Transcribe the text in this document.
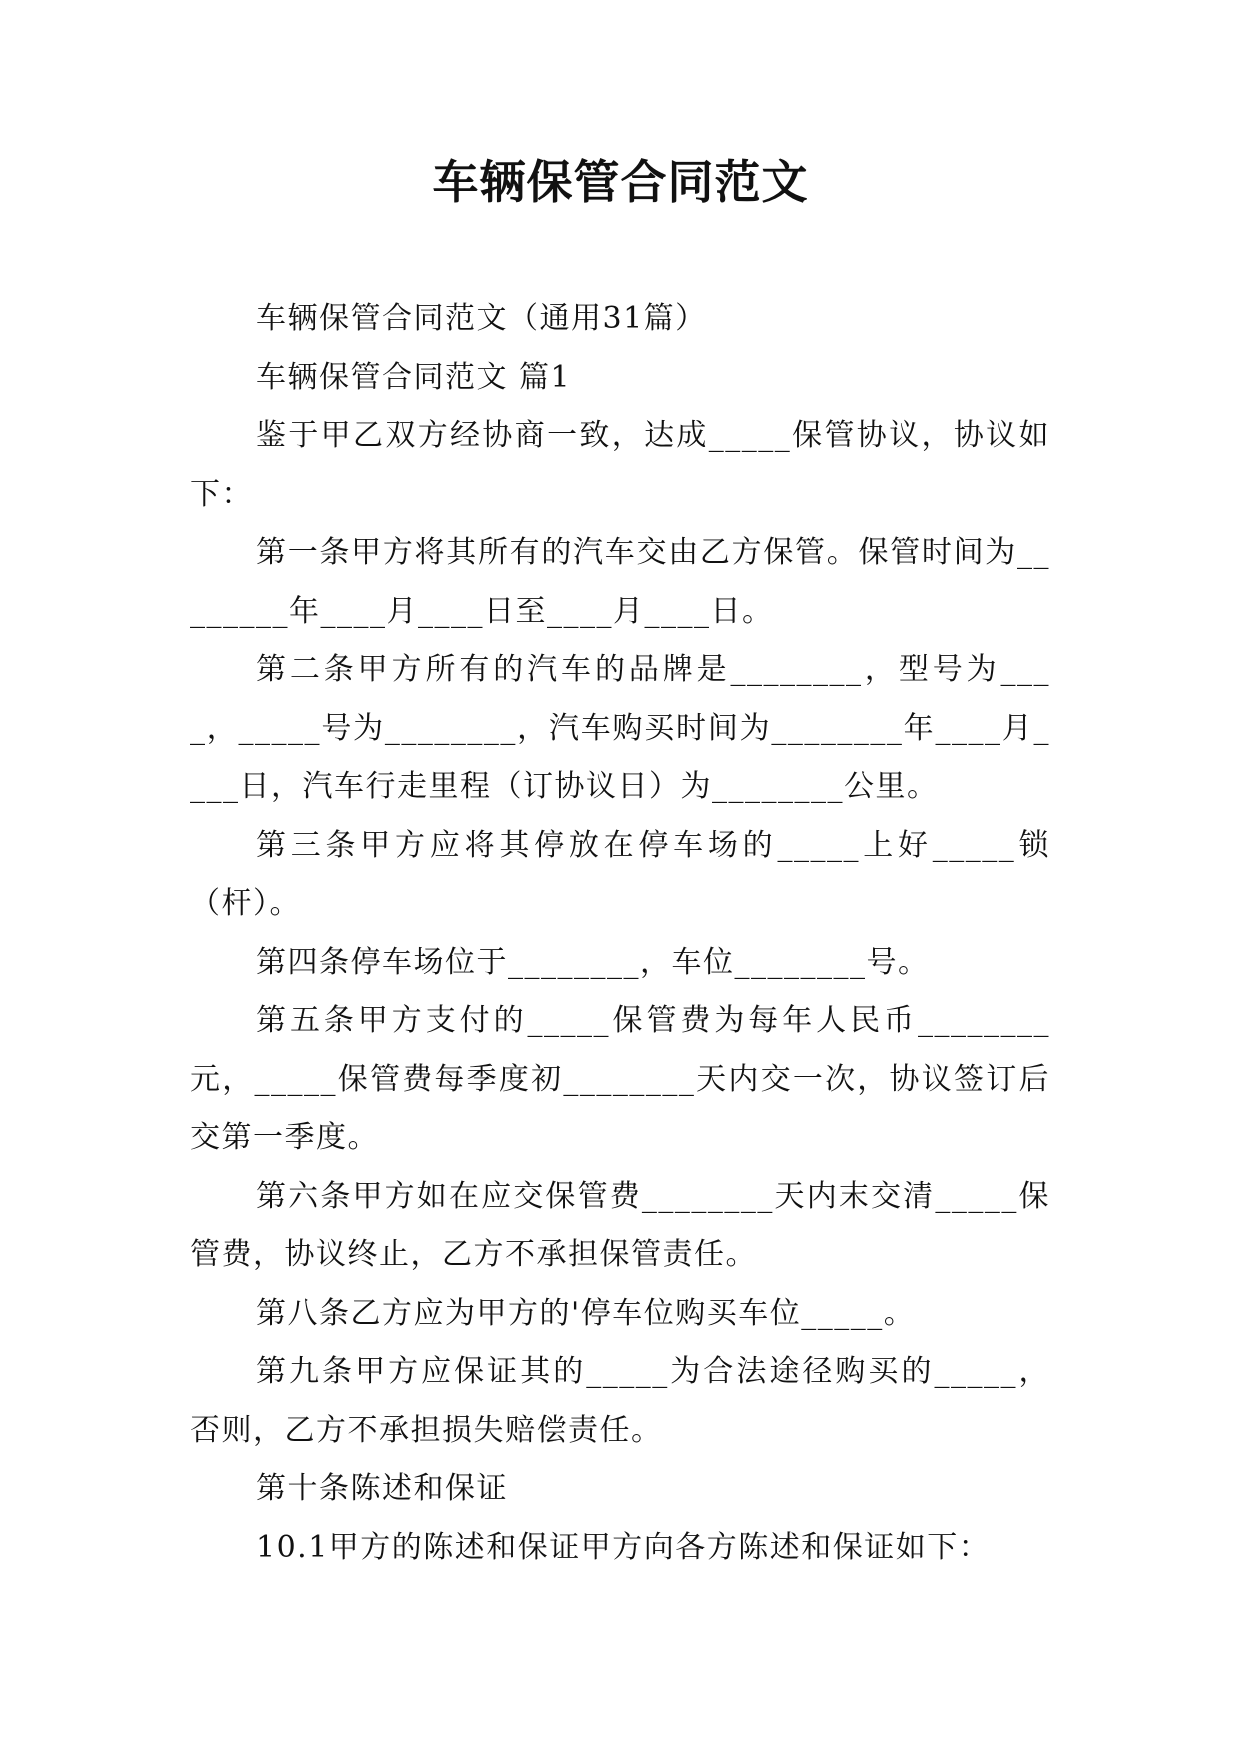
车辆保管合同范文

车辆保管合同范文（通用31篇）

车辆保管合同范文 篇1

鉴于甲乙双方经协商一致，达成_____保管协议，协议如下：

第一条甲方将其所有的汽车交由乙方保管。保管时间为________年____月____日至____月____日。

第二条甲方所有的汽车的品牌是________，型号为____，_____号为________，汽车购买时间为________年____月____日，汽车行走里程（订协议日）为________公里。

第三条甲方应将其停放在停车场的_____上好_____锁（杆）。

第四条停车场位于________，车位________号。

第五条甲方支付的_____保管费为每年人民币________元，_____保管费每季度初________天内交一次，协议签订后交第一季度。

第六条甲方如在应交保管费________天内末交清_____保管费，协议终止，乙方不承担保管责任。

第八条乙方应为甲方的'停车位购买车位_____。

第九条甲方应保证其的_____为合法途径购买的_____，否则，乙方不承担损失赔偿责任。

第十条陈述和保证

10.1甲方的陈述和保证甲方向各方陈述和保证如下：
